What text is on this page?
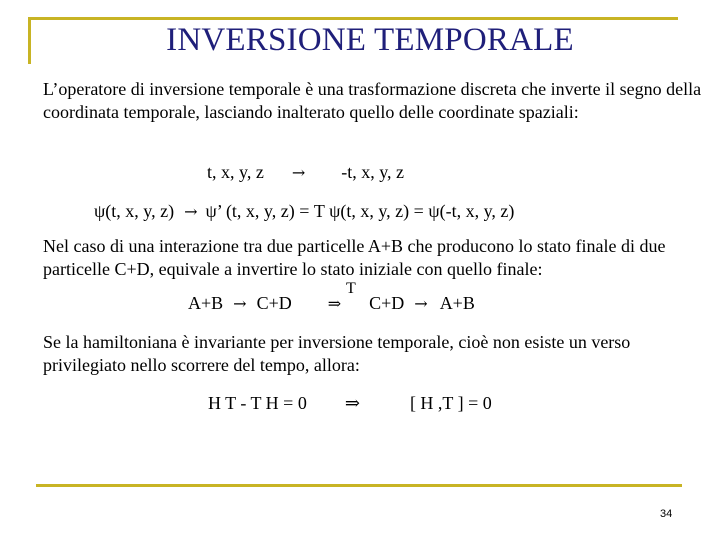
INVERSIONE TEMPORALE
L’operatore di inversione temporale è una trasformazione discreta che inverte il segno della coordinata temporale, lasciando inalterato quello delle coordinate spaziali:
t, x, y, z → -t, x, y, z
ψ(t, x, y, z) → ψ’ (t, x, y, z) = T ψ(t, x, y, z) = ψ(-t, x, y, z)
Nel caso di una interazione tra due particelle A+B che producono lo stato finale di due particelle C+D, equivale a invertire lo stato iniziale con quello finale:
T
A+B → C+D ⇒ C+D → A+B
Se la hamiltoniana è invariante per inversione temporale, cioè non esiste un verso privilegiato nello scorrere del tempo, allora:
H T - T H = 0 ⇒	[ H ,T ] = 0
34
